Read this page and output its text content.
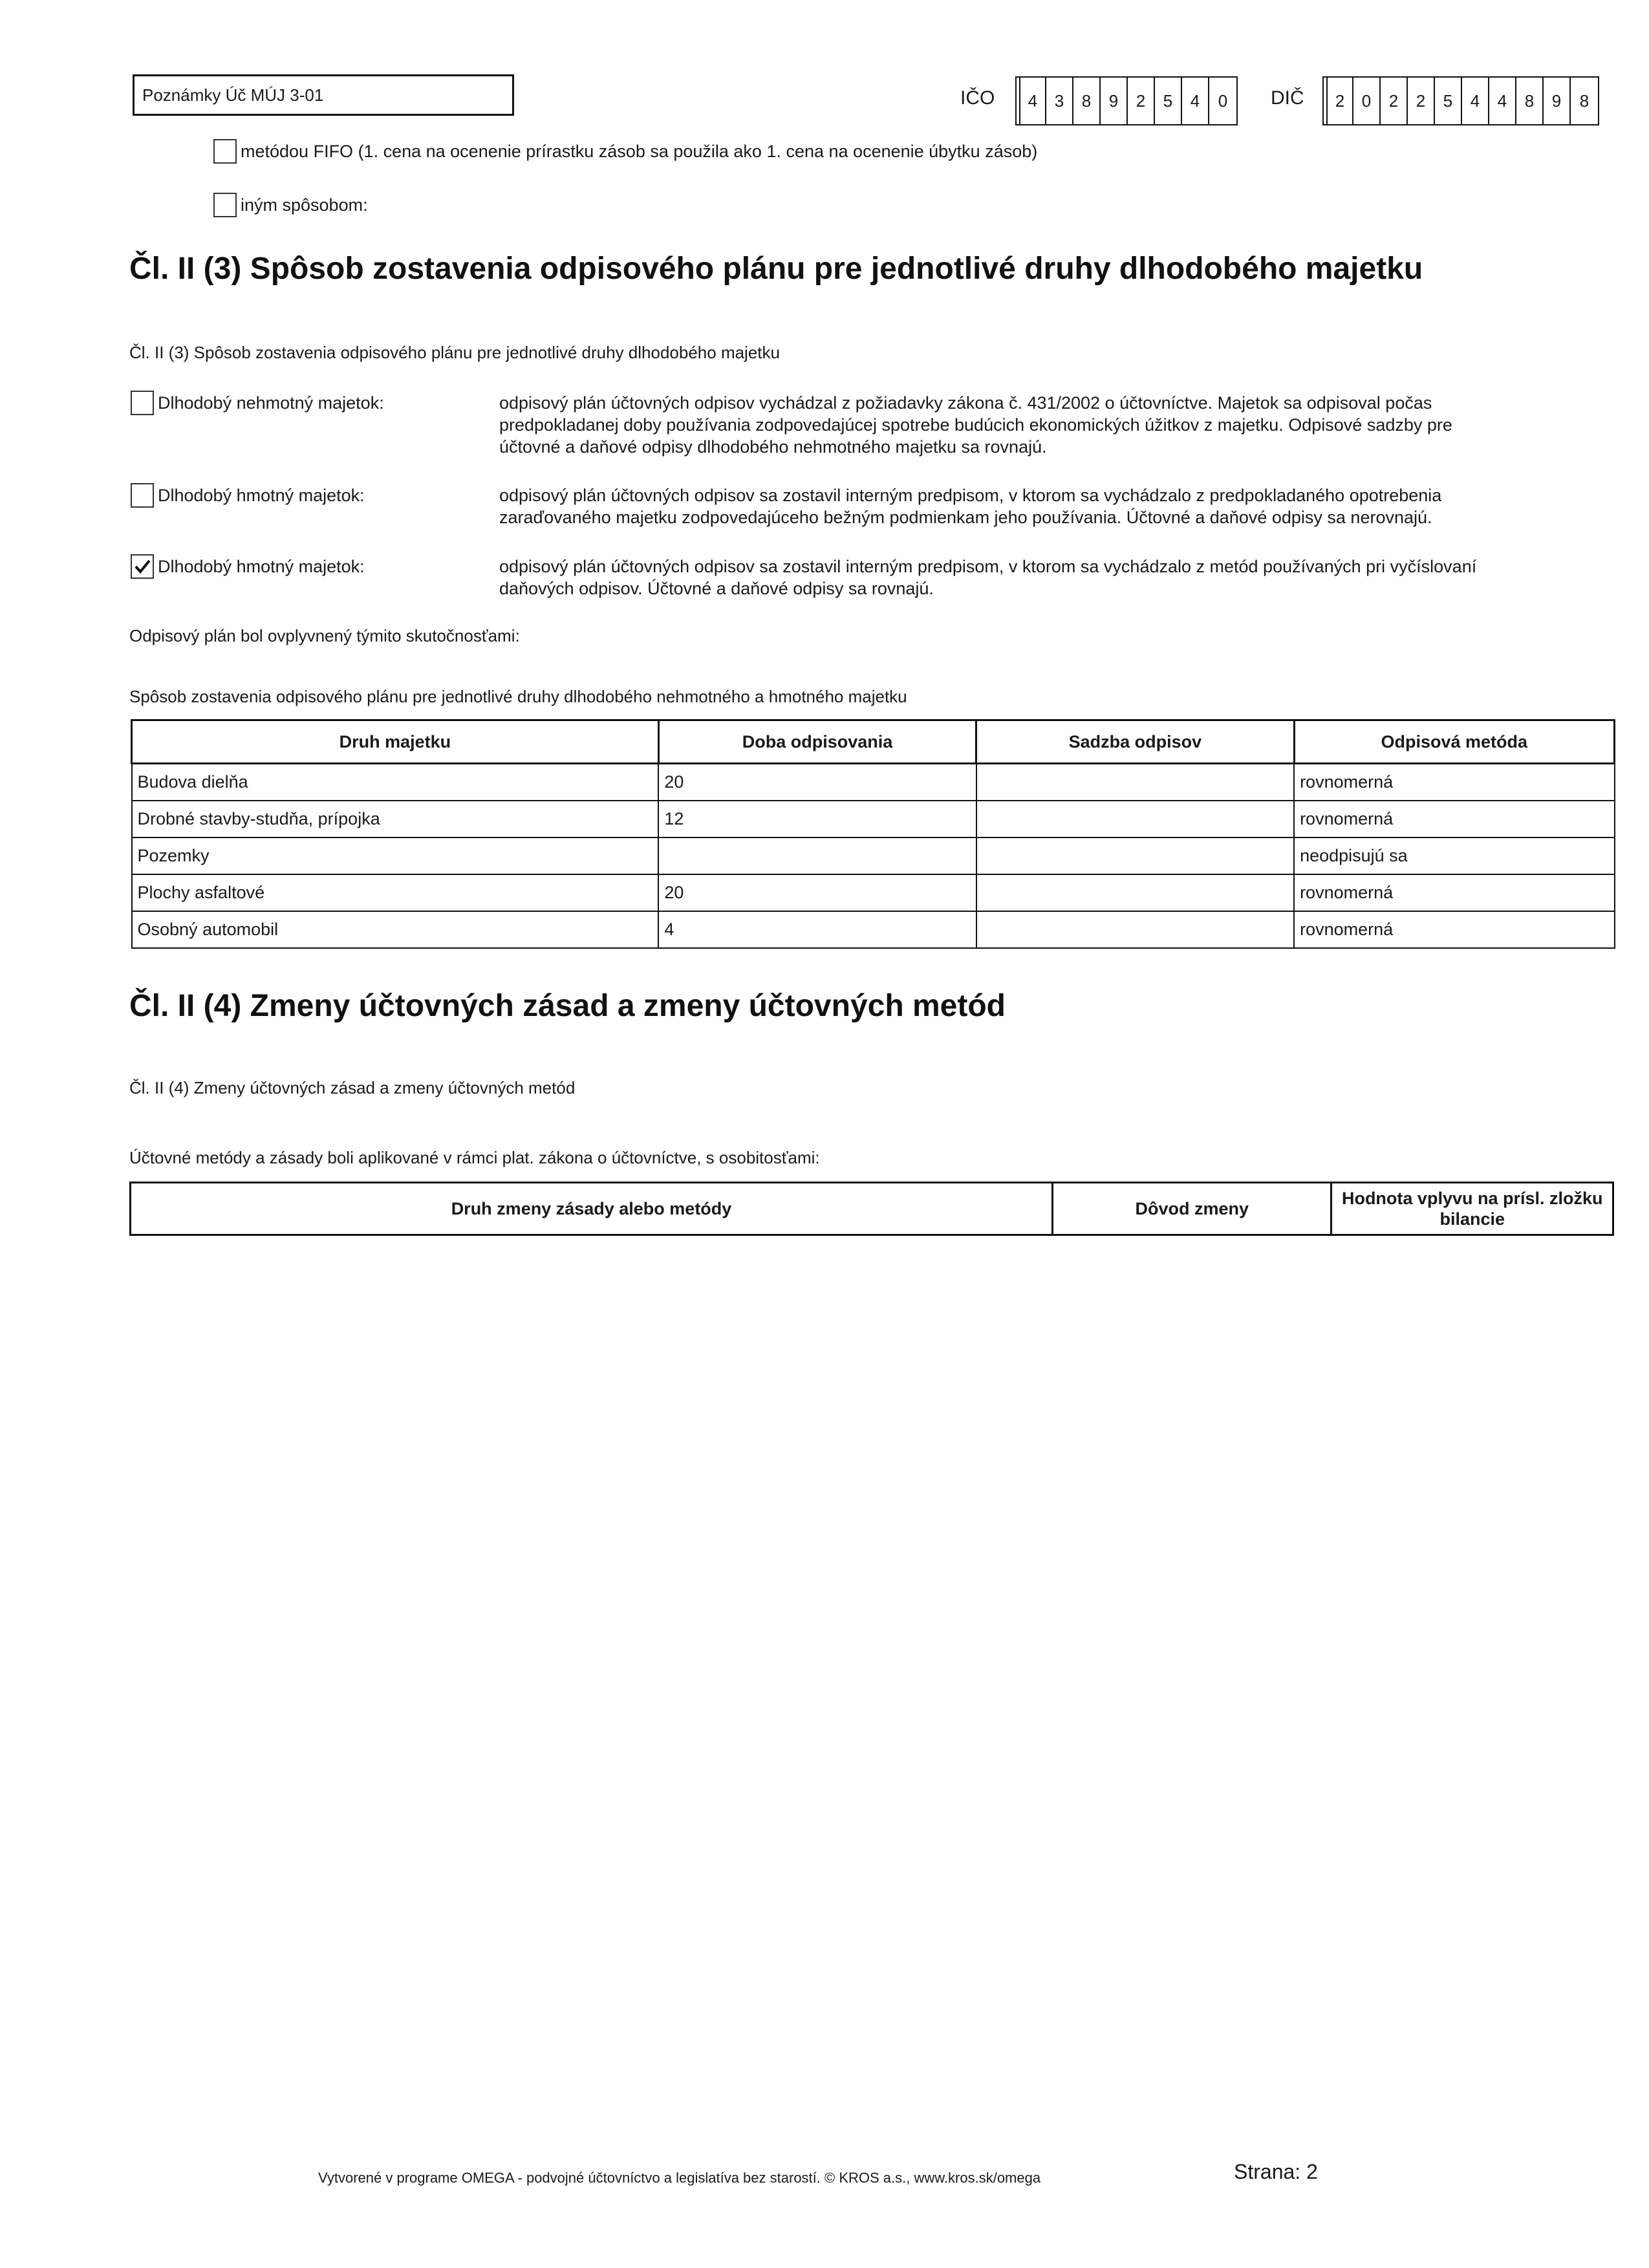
Poznámky Úč MÚJ 3-01	IČO	4	3	8	9	2	5	4	0	DIČ	2	0	2	2	5	4	4	8	9	8
metódou FIFO (1. cena na ocenenie prírastku zásob sa použila ako 1. cena na ocenenie úbytku zásob)
iným spôsobom:
Čl. II (3) Spôsob zostavenia odpisového plánu pre jednotlivé druhy dlhodobého majetku
Čl. II (3) Spôsob zostavenia odpisového plánu pre jednotlivé druhy dlhodobého majetku
Dlhodobý nehmotný majetok:	odpisový plán účtovných odpisov vychádzal z požiadavky zákona č. 431/2002 o účtovníctve. Majetok sa odpisoval počas
predpokladanej doby používania zodpovedajúcej spotrebe budúcich ekonomických úžitkov z majetku. Odpisové sadzby pre
účtovné a daňové odpisy dlhodobého nehmotného majetku sa rovnajú.
Dlhodobý hmotný majetok:	odpisový plán účtovných odpisov sa zostavil interným predpisom, v ktorom sa vychádzalo z predpokladaného opotrebenia
zaraďovaného majetku zodpovedajúceho bežným podmienkam jeho používania. Účtovné a daňové odpisy sa nerovnajú.
Dlhodobý hmotný majetok:	odpisový plán účtovných odpisov sa zostavil interným predpisom, v ktorom sa vychádzalo z metód používaných pri vyčíslovaní
daňových odpisov. Účtovné a daňové odpisy sa rovnajú.
Odpisový plán bol ovplyvnený týmito skutočnosťami:
Spôsob zostavenia odpisového plánu pre jednotlivé druhy dlhodobého nehmotného a hmotného majetku
Druh majetku	Doba odpisovania	Sadzba odpisov	Odpisová metóda
Budova dielňa	20		rovnomerná
Drobné stavby-studňa, prípojka	12		rovnomerná
Pozemky			neodpisujú sa
Plochy asfaltové	20		rovnomerná
Osobný automobil	4		rovnomerná
Čl. II (4) Zmeny účtovných zásad a zmeny účtovných metód
Čl. II (4) Zmeny účtovných zásad a zmeny účtovných metód
Účtovné metódy a zásady boli aplikované v rámci plat. zákona o účtovníctve, s osobitosťami:
Druh zmeny zásady alebo metódy	Dôvod zmeny	Hodnota vplyvu na prísl. zložku bilancie
Vytvorené v programe OMEGA - podvojné účtovníctvo a legislatíva bez starostí. © KROS a.s., www.kros.sk/omega	Strana: 2
